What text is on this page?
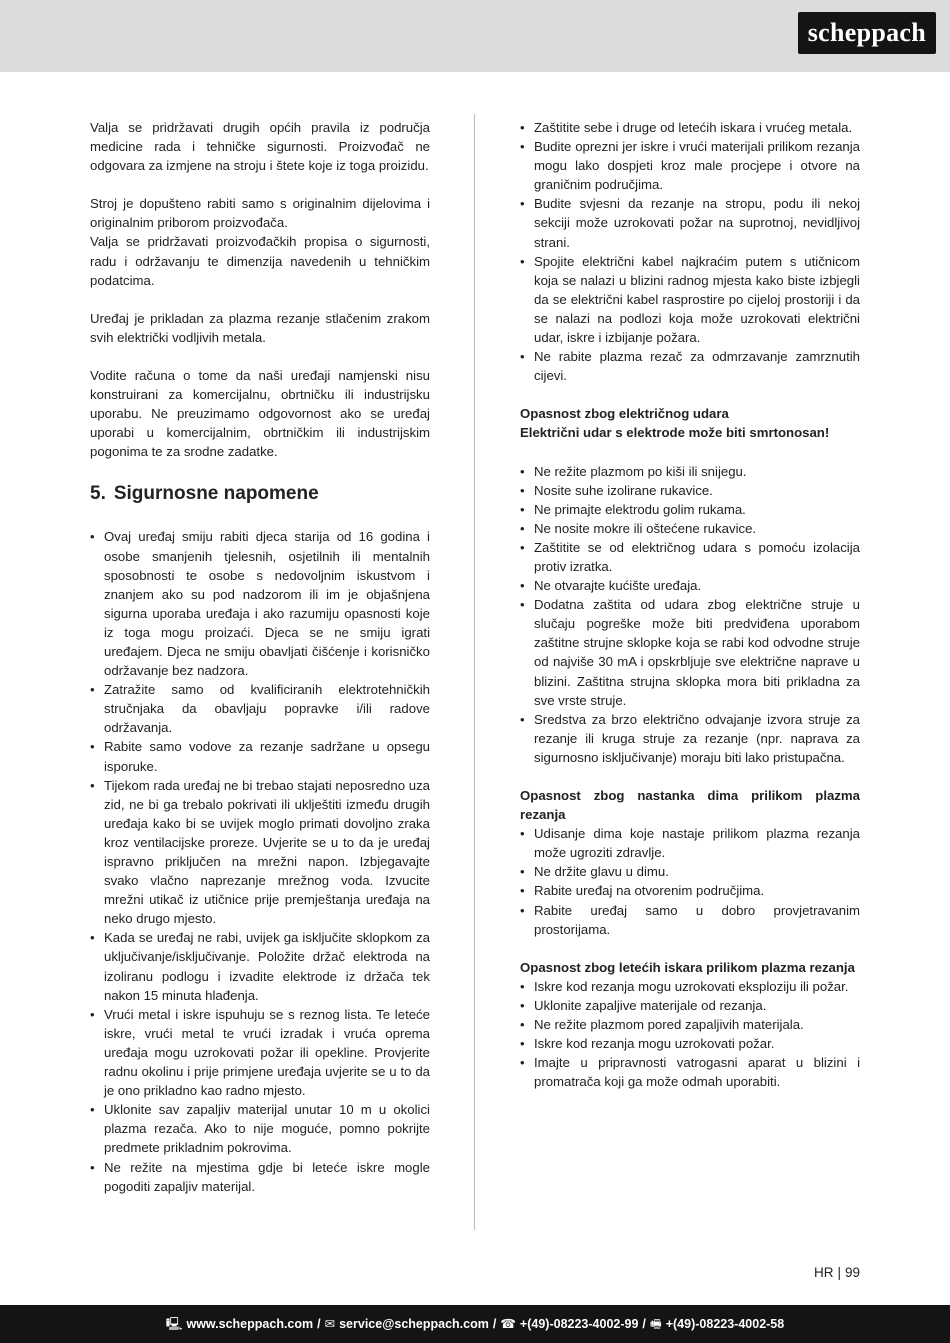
scheppach

Valja se pridržavati drugih općih pravila iz područja medicine rada i tehničke sigurnosti. Proizvođač ne odgovara za izmjene na stroju i štete koje iz toga proizidu.

Stroj je dopušteno rabiti samo s originalnim dijelovima i originalnim priborom proizvođača.

Valja se pridržavati proizvođačkih propisa o sigurnosti, radu i održavanju te dimenzija navedenih u tehničkim podatcima.

Uređaj je prikladan za plazma rezanje stlačenim zrakom svih električki vodljivih metala.

Vodite računa o tome da naši uređaji namjenski nisu konstruirani za komercijalnu, obrtničku ili industrijsku uporabu. Ne preuzimamo odgovornost ako se uređaj uporabi u komercijalnim, obrtničkim ili industrijskim pogonima te za srodne zadatke.

5. Sigurnosne napomene
• Ovaj uređaj smiju rabiti djeca starija od 16 godina i osobe smanjenih tjelesnih, osjetilnih ili mentalnih sposobnosti te osobe s nedovoljnim iskustvom i znanjem ako su pod nadzorom ili im je objašnjena sigurna uporaba uređaja i ako razumiju opasnosti koje iz toga mogu proizaći. Djeca se ne smiju igrati uređajem. Djeca ne smiju obavljati čišćenje i korisničko održavanje bez nadzora.
• Zatražite samo od kvalificiranih elektrotehničkih stručnjaka da obavljaju popravke i/ili radove održavanja.
• Rabite samo vodove za rezanje sadržane u opsegu isporuke.
• Tijekom rada uređaj ne bi trebao stajati neposredno uza zid, ne bi ga trebalo pokrivati ili uklještiti između drugih uređaja kako bi se uvijek moglo primati dovoljno zraka kroz ventilacijske proreze. Uvjerite se u to da je uređaj ispravno priključen na mrežni napon. Izbjegavajte svako vlačno naprezanje mrežnog voda. Izvucite mrežni utikač iz utičnice prije premještanja uređaja na neko drugo mjesto.
• Kada se uređaj ne rabi, uvijek ga isključite sklopkom za uključivanje/isključivanje. Položite držač elektroda na izoliranu podlogu i izvadite elektrode iz držača tek nakon 15 minuta hlađenja.
• Vrući metal i iskre ispuhuju se s reznog lista. Te leteće iskre, vrući metal te vrući izradak i vruća oprema uređaja mogu uzrokovati požar ili opekline. Provjerite radnu okolinu i prije primjene uređaja uvjerite se u to da je ono prikladno kao radno mjesto.
• Uklonite sav zapaljiv materijal unutar 10 m u okolici plazma rezača. Ako to nije moguće, pomno pokrijte predmete prikladnim pokrovima.
• Ne režite na mjestima gdje bi leteće iskre mogle pogoditi zapaljiv materijal.
• Zaštitite sebe i druge od letećih iskara i vrućeg metala.
• Budite oprezni jer iskre i vrući materijali prilikom rezanja mogu lako dospjeti kroz male procjepe i otvore na graničnim područjima.
• Budite svjesni da rezanje na stropu, podu ili nekoj sekciji može uzrokovati požar na suprotnoj, nevidljivoj strani.
• Spojite električni kabel najkraćim putem s utičnicom koja se nalazi u blizini radnog mjesta kako biste izbjegli da se električni kabel rasprostire po cijeloj prostoriji i da se nalazi na podlozi koja može uzrokovati električni udar, iskre i izbijanje požara.
• Ne rabite plazma rezač za odmrzavanje zamrznutih cijevi.

Opasnost zbog električnog udara

Električni udar s elektrode može biti smrtonosan!

• Ne režite plazmom po kiši ili snijegu.
• Nosite suhe izolirane rukavice.
• Ne primajte elektrodu golim rukama.
• Ne nosite mokre ili oštećene rukavice.
• Zaštitite se od električnog udara s pomoću izolacija protiv izratka.
• Ne otvarajte kućište uređaja.
• Dodatna zaštita od udara zbog električne struje u slučaju pogreške može biti predviđena uporabom zaštitne strujne sklopke koja se rabi kod odvodne struje od najviše 30 mA i opskrbljuje sve električne naprave u blizini. Zaštitna strujna sklopka mora biti prikladna za sve vrste struje.
• Sredstva za brzo električno odvajanje izvora struje za rezanje ili kruga struje za rezanje (npr. naprava za sigurnosno isključivanje) moraju biti lako pristupačna.

Opasnost zbog nastanka dima prilikom plazma rezanja

• Udisanje dima koje nastaje prilikom plazma rezanja može ugroziti zdravlje.
• Ne držite glavu u dimu.
• Rabite uređaj na otvorenim područjima.
• Rabite uređaj samo u dobro provjetravanim prostorijama.

Opasnost zbog letećih iskara prilikom plazma rezanja

• Iskre kod rezanja mogu uzrokovati eksploziju ili požar.
• Uklonite zapaljive materijale od rezanja.
• Ne režite plazmom pored zapaljivih materijala.
• Iskre kod rezanja mogu uzrokovati požar.
• Imajte u pripravnosti vatrogasni aparat u blizini i promatrača koji ga može odmah uporabiti.
HR | 99
🖳 www.scheppach.com / ✉ service@scheppach.com / ☎ +(49)-08223-4002-99 / 🖷 +(49)-08223-4002-58
